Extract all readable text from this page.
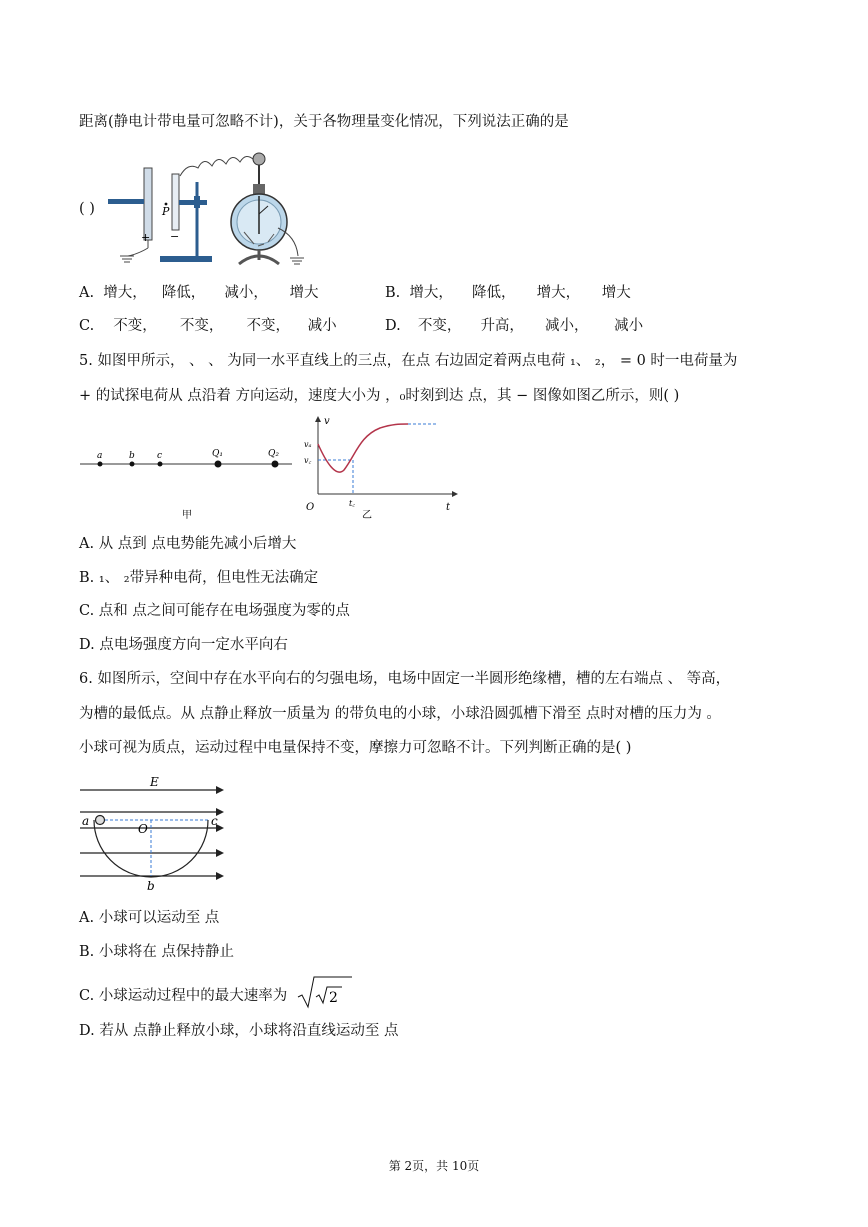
距离(静电计带电量可忽略不计)，关于各物理量变化情况，下列说法正确的是
( )
+
P
−
A. 增大， 降低， 减小， 增大	B. 增大， 降低， 增大， 增大
C. 不变， 不变， 不变， 减小	D. 不变， 升高， 减小， 减小
5. 如图甲所示， 、 、 为同一水平直线上的三点，在点 右边固定着两点电荷 ₁、 ₂， = 0 时一电荷量为
+ 的试探电荷从 点沿着 方向运动，速度大小为 ，₀时刻到达 点，其 − 图像如图乙所示，则( )
a	b c	Q₁	Q₂
甲
v
t
O
vₐ
v꜀
t꜀
乙
A. 从 点到 点电势能先减小后增大
B. ₁、 ₂带异种电荷，但电性无法确定
C. 点和 点之间可能存在电场强度为零的点
D. 点电场强度方向一定水平向右
6. 如图所示，空间中存在水平向右的匀强电场，电场中固定一半圆形绝缘槽，槽的左右端点 、 等高，
为槽的最低点。从 点静止释放一质量为 的带负电的小球，小球沿圆弧槽下滑至 点时对槽的压力为 。
小球可视为质点，运动过程中电量保持不变，摩擦力可忽略不计。下列判断正确的是( )
E
a
O
c
b
A. 小球可以运动至 点
B. 小球将在 点保持静止
C. 小球运动过程中的最大速率为	2
D. 若从 点静止释放小球，小球将沿直线运动至 点
第 2页，共 10页
